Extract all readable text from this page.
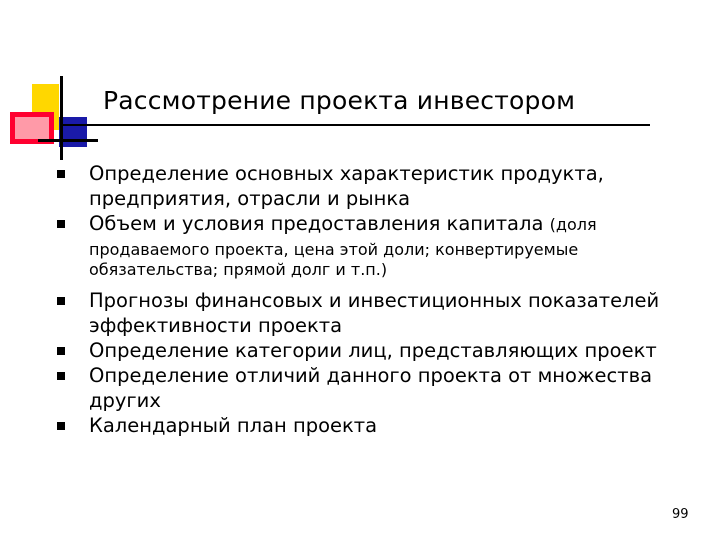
Рассмотрение проекта инвестором
Определение основных характеристик продукта, предприятия, отрасли и рынка
Объем и условия предоставления капитала (доля
продаваемого проекта, цена этой доли; конвертируемые обязательства; прямой долг и т.п.)
Прогнозы финансовых и инвестиционных показателей эффективности проекта
Определение категории лиц, представляющих проект
Определение отличий данного проекта от множества других
Календарный план проекта
99
